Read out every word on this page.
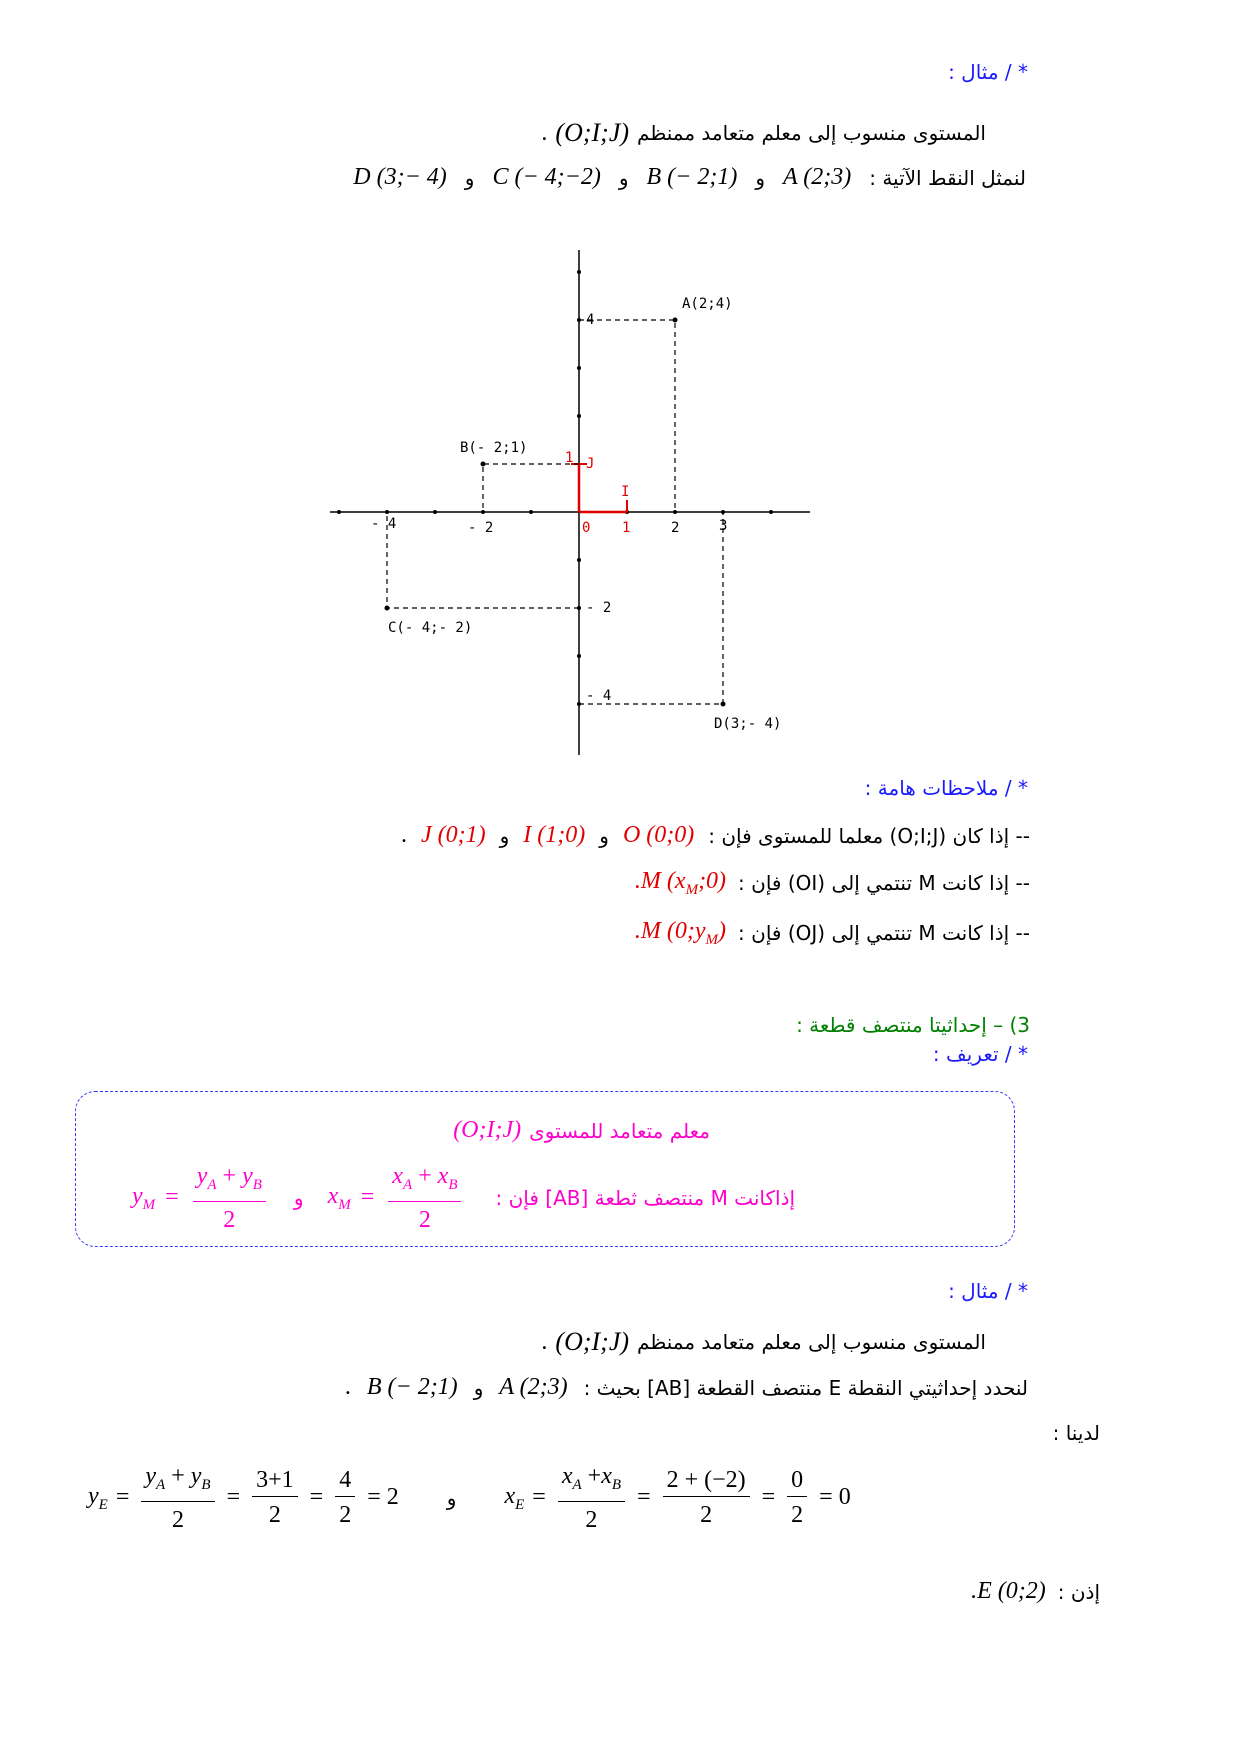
* / مثال :
. (O;I;J) المستوى منسوب إلى معلم متعامد ممنظم
D (3;− 4) و C (− 4;−2) و B (− 2;1) و A (2;3) لنمثل النقط الآتية :
A(2;4)
B(- 2;1)
C(- 4;- 2)
D(3;- 4)
4
1 J
I
0 1	2	3
- 2
- 4
- 2
- 4
* / ملاحظات هامة :
. J (0;1) و I (1;0) و O (0;0) -- إذا كان (O;I;J) معلما للمستوى فإن :
.M $(x_M;0)$ -- إذا كانت M تنتمي إلى (OI) فإن :
.M $(0;y_M)$ -- إذا كانت M تنتمي إلى (OJ) فإن :
3) – إحداثيتا منتصف قطعة :
* / تعريف :
(O;I;J) معلم متعامد للمستوى
$y_M = \frac{y_A + y_B}{2}$ و $x_M = \frac{x_A + x_B}{2}$ إذاكانت M منتصف ثطعة [AB] فإن :
* / مثال :
. (O;I;J) المستوى منسوب إلى معلم متعامد ممنظم
. B (− 2;1) و A (2;3) لنحدد إحداثيتي النقطة E منتصف القطعة [AB] بحيث :
لدينا :
$y_E = \frac{y_A + y_B}{2} = \frac{3+1}{2} = \frac{4}{2} = 2$ و $x_E = \frac{x_A +x_B}{2} = \frac{2 + (-2)}{2} = \frac{0}{2} = 0$
.E (0;2) إذن :
